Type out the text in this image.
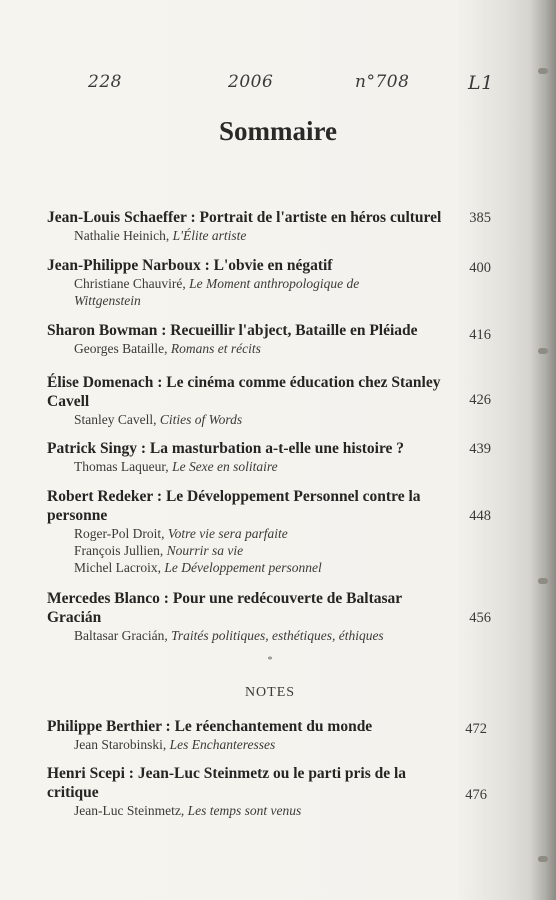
228	2006	n°708	L1
Sommaire
Jean-Louis Schaeffer : Portrait de l'artiste en héros culturel
Nathalie Heinich, L'Élite artiste
385
Jean-Philippe Narboux : L'obvie en négatif
Christiane Chauviré, Le Moment anthropologique de Wittgenstein
400
Sharon Bowman : Recueillir l'abject, Bataille en Pléiade
Georges Bataille, Romans et récits
416
Élise Domenach : Le cinéma comme éducation chez Stanley Cavell
Stanley Cavell, Cities of Words
426
Patrick Singy : La masturbation a-t-elle une histoire ?
Thomas Laqueur, Le Sexe en solitaire
439
Robert Redeker : Le Développement Personnel contre la personne
Roger-Pol Droit, Votre vie sera parfaite
François Jullien, Nourrir sa vie
Michel Lacroix, Le Développement personnel
448
Mercedes Blanco : Pour une redécouverte de Baltasar Gracián
Baltasar Gracián, Traités politiques, esthétiques, éthiques
456
*
NOTES
Philippe Berthier : Le réenchantement du monde
Jean Starobinski, Les Enchanteresses
472
Henri Scepi : Jean-Luc Steinmetz ou le parti pris de la critique
Jean-Luc Steinmetz, Les temps sont venus
476
